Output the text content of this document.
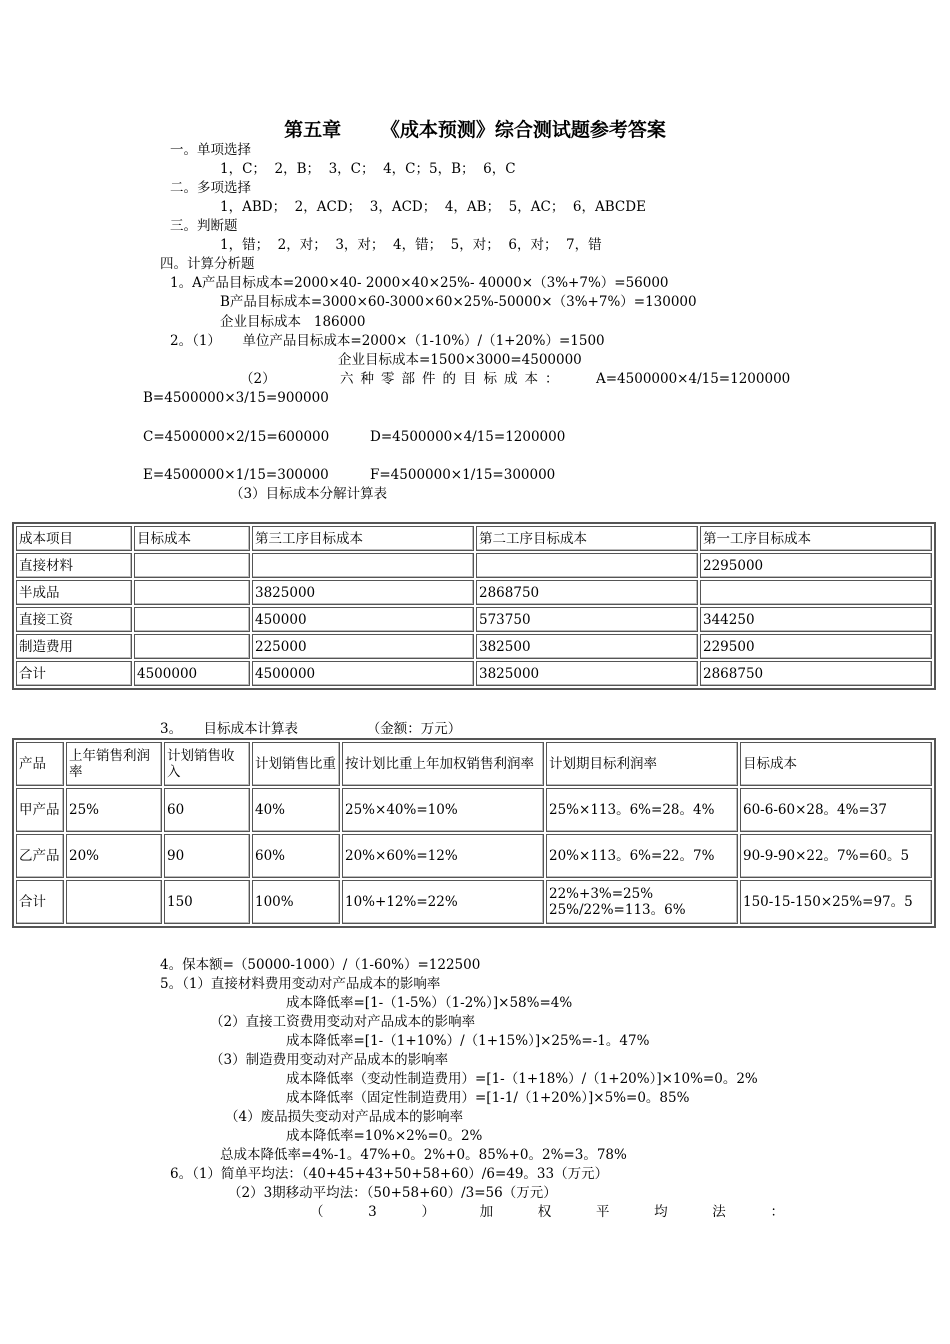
第五章      《成本预测》综合测试题参考答案
一。单项选择
1，C；  2，B；  3，C；  4，C；5，B；  6，C
二。多项选择
1，ABD；  2，ACD；  3，ACD；  4，AB；  5，AC；  6，ABCDE
三。判断题
1，错；  2，对；  3，对；  4，错；  5，对；  6，对；  7，错
四。计算分析题
1。A产品目标成本=2000×40- 2000×40×25%- 40000×（3%+7%）=56000
B产品目标成本=3000×60-3000×60×25%-50000×（3%+7%）=130000
企业目标成本   186000
2。（1）     单位产品目标成本=2000×（1-10%）/（1+20%）=1500
企业目标成本=1500×3000=4500000
（2）	六种零部件的目标成本： A=4500000×4/15=1200000
B=4500000×3/15=900000
C=4500000×2/15=600000	D=4500000×4/15=1200000
E=4500000×1/15=300000	F=4500000×1/15=300000
（3）目标成本分解计算表
成本项目	目标成本	第三工序目标成本	第二工序目标成本	第一工序目标成本
直接材料				2295000
半成品		3825000	2868750	
直接工资		450000	573750	344250
制造费用		225000	382500	229500
合计	4500000	4500000	3825000	2868750
3。     目标成本计算表                （金额：万元）
产品	上年销售利润率	计划销售收入	计划销售比重	按计划比重上年加权销售利润率	计划期目标利润率	目标成本
甲产品	25%	60	40%	25%×40%=10%	25%×113。6%=28。4%	60-6-60×28。4%=37
乙产品	20%	90	60%	20%×60%=12%	20%×113。6%=22。7%	90-9-90×22。7%=60。5
合计		150	100%	10%+12%=22%	22%+3%=25%
25%/22%=113。6%	150-15-150×25%=97。5
4。保本额=（50000-1000）/（1-60%）=122500
5。（1）直接材料费用变动对产品成本的影响率
成本降低率=[1-（1-5%）（1-2%）]×58%=4%
（2）直接工资费用变动对产品成本的影响率
成本降低率=[1-（1+10%）/（1+15%）]×25%=-1。47%
（3）制造费用变动对产品成本的影响率
成本降低率（变动性制造费用）=[1-（1+18%）/（1+20%）]×10%=0。2%
成本降低率（固定性制造费用）=[1-1/（1+20%）]×5%=0。85%
（4）废品损失变动对产品成本的影响率
成本降低率=10%×2%=0。2%
总成本降低率=4%-1。47%+0。2%+0。85%+0。2%=3。78%
6。（1）简单平均法：（40+45+43+50+58+60）/6=49。33（万元）
（2）3期移动平均法：（50+58+60）/3=56（万元）
（	3	）	加	权	平	均	法	：
